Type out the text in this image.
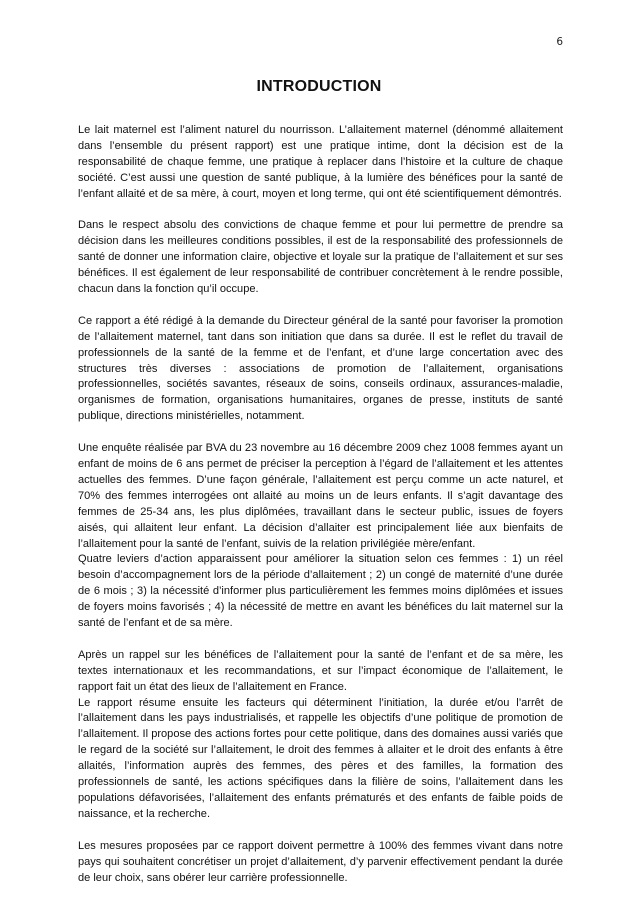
6
INTRODUCTION

Le lait maternel est l’aliment naturel du nourrisson. L’allaitement maternel (dénommé allaitement dans l’ensemble du présent rapport) est une pratique intime, dont la décision est de la responsabilité de chaque femme, une pratique à replacer dans l’histoire et la culture de chaque société. C’est aussi une question de santé publique, à la lumière des bénéfices pour la santé de l’enfant allaité et de sa mère, à court, moyen et long terme, qui ont été scientifiquement démontrés.

Dans le respect absolu des convictions de chaque femme et pour lui permettre de prendre sa décision dans les meilleures conditions possibles, il est de la responsabilité des professionnels de santé de donner une information claire, objective et loyale sur la pratique de l’allaitement et sur ses bénéfices. Il est également de leur responsabilité de contribuer concrètement à le rendre possible, chacun dans la fonction qu’il occupe.

Ce rapport a été rédigé à la demande du Directeur général de la santé pour favoriser la promotion de l’allaitement maternel, tant dans son initiation que dans sa durée. Il est le reflet du travail de professionnels de la santé de la femme et de l’enfant, et d’une large concertation avec des structures très diverses : associations de promotion de l’allaitement, organisations professionnelles, sociétés savantes, réseaux de soins, conseils ordinaux, assurances-maladie, organismes de formation, organisations humanitaires, organes de presse, instituts de santé publique, directions ministérielles, notamment.

Une enquête réalisée par BVA du 23 novembre au 16 décembre 2009 chez 1008 femmes ayant un enfant de moins de 6 ans permet de préciser la perception à l’égard de l’allaitement et les attentes actuelles des femmes. D’une façon générale, l’allaitement est perçu comme un acte naturel, et 70% des femmes interrogées ont allaité au moins un de leurs enfants. Il s’agit davantage des femmes de 25-34 ans, les plus diplômées, travaillant dans le secteur public, issues de foyers aisés, qui allaitent leur enfant. La décision d’allaiter est principalement liée aux bienfaits de l’allaitement pour la santé de l’enfant, suivis de la relation privilégiée mère/enfant.

Quatre leviers d’action apparaissent pour améliorer la situation selon ces femmes : 1) un réel besoin d’accompagnement lors de la période d’allaitement ; 2) un congé de maternité d’une durée de 6 mois ; 3) la nécessité d’informer plus particulièrement les femmes moins diplômées et issues de foyers moins favorisés ; 4) la nécessité de mettre en avant les bénéfices du lait maternel sur la santé de l’enfant et de sa mère.

Après un rappel sur les bénéfices de l’allaitement pour la santé de l’enfant et de sa mère, les textes internationaux et les recommandations, et sur l’impact économique de l’allaitement, le rapport fait un état des lieux de l’allaitement en France.

Le rapport résume ensuite les facteurs qui déterminent l’initiation, la durée et/ou l’arrêt de l’allaitement dans les pays industrialisés, et rappelle les objectifs d’une politique de promotion de l’allaitement. Il propose des actions fortes pour cette politique, dans des domaines aussi variés que le regard de la société sur l’allaitement, le droit des femmes à allaiter et le droit des enfants à être allaités, l’information auprès des femmes, des pères et des familles, la formation des professionnels de santé, les actions spécifiques dans la filière de soins, l’allaitement dans les populations défavorisées, l’allaitement des enfants prématurés et des enfants de faible poids de naissance, et la recherche.

Les mesures proposées par ce rapport doivent permettre à 100% des femmes vivant dans notre pays qui souhaitent concrétiser un projet d’allaitement, d’y parvenir effectivement pendant la durée de leur choix, sans obérer leur carrière professionnelle.
